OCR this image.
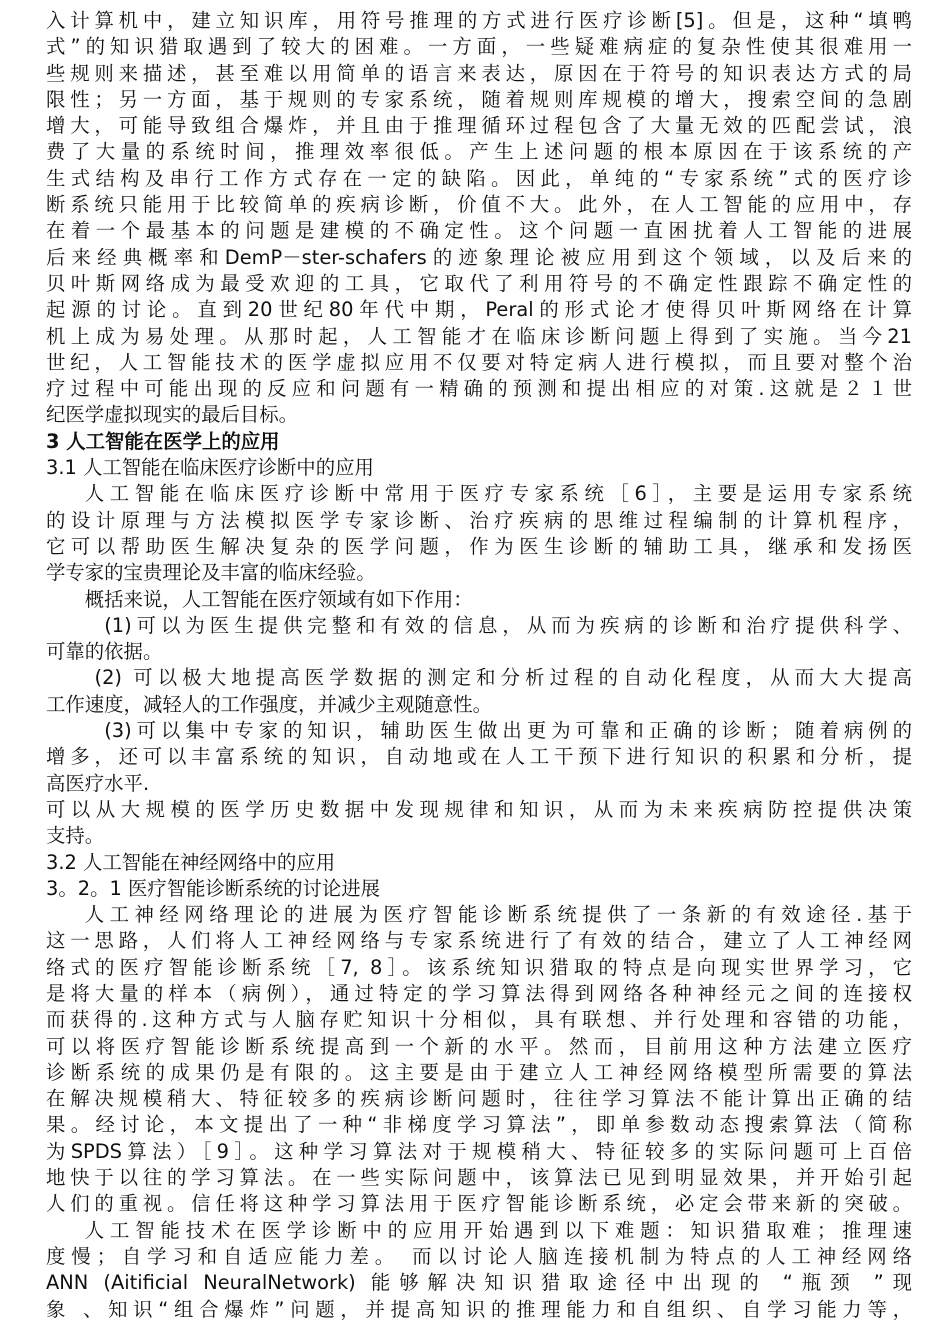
入计算机中，建立知识库，用符号推理的方式进行医疗诊断[5]。但是，这种“填鸭
式”的知识猎取遇到了较大的困难。一方面，一些疑难病症的复杂性使其很难用一
些规则来描述，甚至难以用简单的语言来表达，原因在于符号的知识表达方式的局
限性；另一方面，基于规则的专家系统，随着规则库规模的增大，搜索空间的急剧
增大，可能导致组合爆炸，并且由于推理循环过程包含了大量无效的匹配尝试，浪
费了大量的系统时间，推理效率很低。产生上述问题的根本原因在于该系统的产
生式结构及串行工作方式存在一定的缺陷。因此，单纯的“专家系统”式的医疗诊
断系统只能用于比较简单的疾病诊断，价值不大。此外，在人工智能的应用中，存
在着一个最基本的问题是建模的不确定性。这个问题一直困扰着人工智能的进展
后来经典概率和DemP－ster-schafers的迹象理论被应用到这个领域，以及后来的
贝叶斯网络成为最受欢迎的工具，它取代了利用符号的不确定性跟踪不确定性的
起源的讨论。直到20世纪80年代中期，Peral的形式论才使得贝叶斯网络在计算
机上成为易处理。从那时起，人工智能才在临床诊断问题上得到了实施。当今21
世纪，人工智能技术的医学虚拟应用不仅要对特定病人进行模拟，而且要对整个治
疗过程中可能出现的反应和问题有一精确的预测和提出相应的对策.这就是２１世
纪医学虚拟现实的最后目标。
3 人工智能在医学上的应用
3.1 人工智能在临床医疗诊断中的应用
人工智能在临床医疗诊断中常用于医疗专家系统［6］，主要是运用专家系统
的设计原理与方法模拟医学专家诊断、治疗疾病的思维过程编制的计算机程序，
它可以帮助医生解决复杂的医学问题，作为医生诊断的辅助工具，继承和发扬医
学专家的宝贵理论及丰富的临床经验。
概括来说，人工智能在医疗领域有如下作用：
(1)可以为医生提供完整和有效的信息，从而为疾病的诊断和治疗提供科学、
可靠的依据。
(2) 可以极大地提高医学数据的测定和分析过程的自动化程度，从而大大提高
工作速度，减轻人的工作强度，并减少主观随意性。
(3)可以集中专家的知识，辅助医生做出更为可靠和正确的诊断；随着病例的
增多，还可以丰富系统的知识，自动地或在人工干预下进行知识的积累和分析，提
高医疗水平.
可以从大规模的医学历史数据中发现规律和知识，从而为未来疾病防控提供决策
支持。
3.2 人工智能在神经网络中的应用
3。2。1 医疗智能诊断系统的讨论进展
人工神经网络理论的进展为医疗智能诊断系统提供了一条新的有效途径.基于
这一思路，人们将人工神经网络与专家系统进行了有效的结合，建立了人工神经网
络式的医疗智能诊断系统［7, 8］。该系统知识猎取的特点是向现实世界学习，它
是将大量的样本（病例），通过特定的学习算法得到网络各种神经元之间的连接权
而获得的.这种方式与人脑存贮知识十分相似，具有联想、并行处理和容错的功能，
可以将医疗智能诊断系统提高到一个新的水平。然而，目前用这种方法建立医疗
诊断系统的成果仍是有限的。这主要是由于建立人工神经网络模型所需要的算法
在解决规模稍大、特征较多的疾病诊断问题时，往往学习算法不能计算出正确的结
果。经讨论，本文提出了一种“非梯度学习算法”，即单参数动态搜索算法（简称
为SPDS算法）［9］。这种学习算法对于规模稍大、特征较多的实际问题可上百倍
地快于以往的学习算法。在一些实际问题中，该算法已见到明显效果，并开始引起
人们的重视。信任将这种学习算法用于医疗智能诊断系统，必定会带来新的突破。
人工智能技术在医学诊断中的应用开始遇到以下难题：知识猎取难；推理速
度慢；自学习和自适应能力差。 而以讨论人脑连接机制为特点的人工神经网络
ANN (Aitificial NeuralNetwork) 能够解决知识猎取途径中出现的 “瓶颈 ”现
象 、知识“组合爆炸”问题，并提高知识的推理能力和自组织、自学习能力等，
